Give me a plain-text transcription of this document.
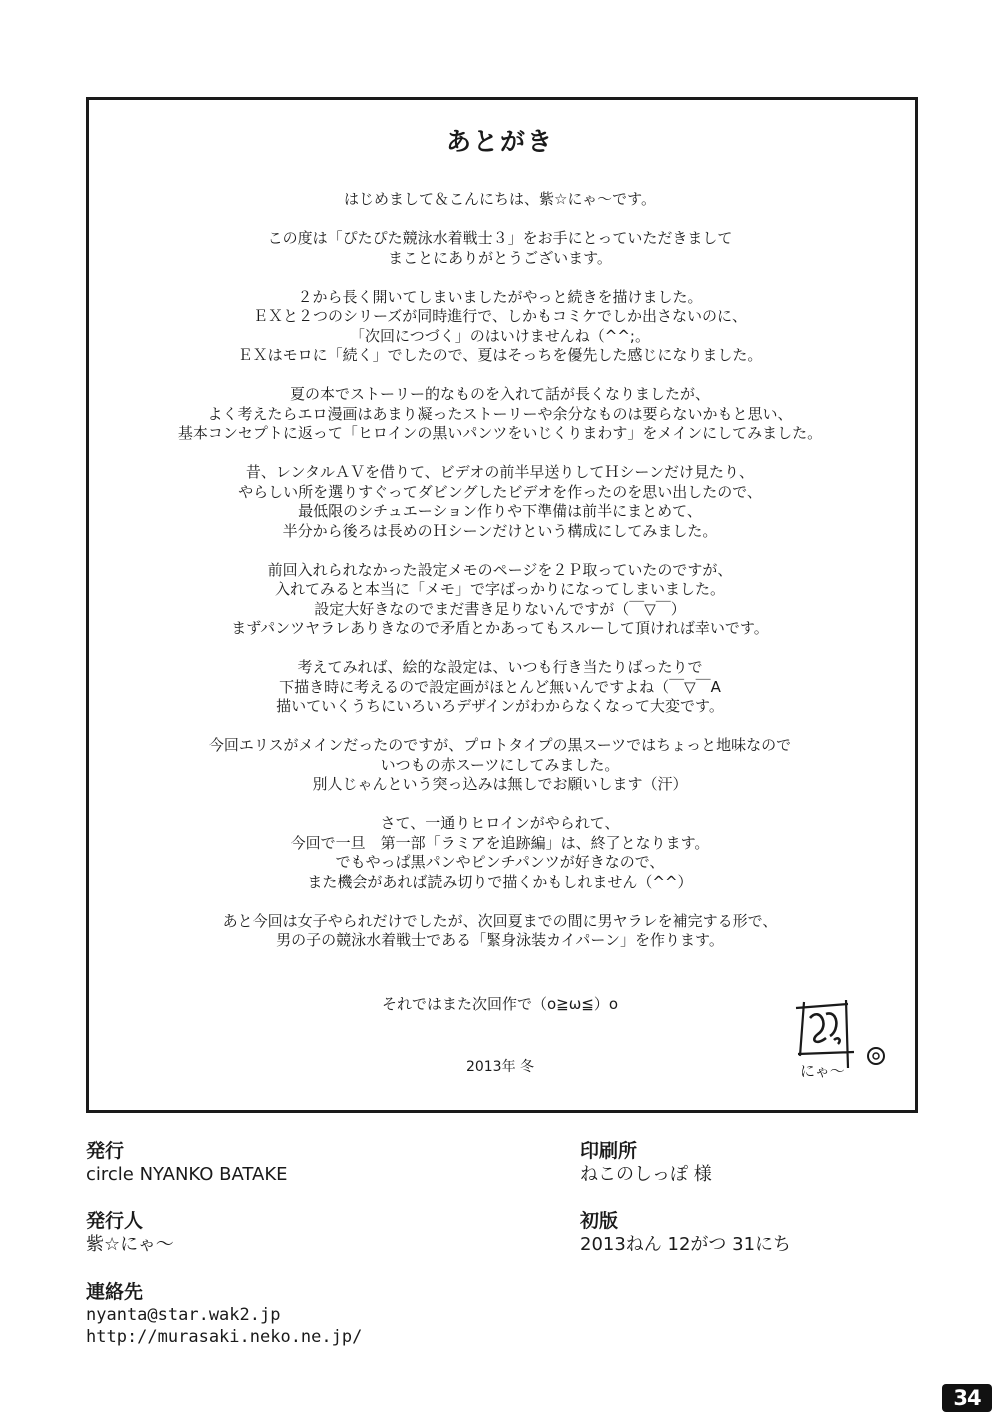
あとがき
はじめまして＆こんにちは、紫☆にゃ〜です。
この度は「ぴたぴた競泳水着戦士３」をお手にとっていただきまして
まことにありがとうございます。
２から長く開いてしまいましたがやっと続きを描けました。
ＥＸと２つのシリーズが同時進行で、しかもコミケでしか出さないのに、
「次回につづく」のはいけませんね（^^;。
ＥＸはモロに「続く」でしたので、夏はそっちを優先した感じになりました。
夏の本でストーリー的なものを入れて話が長くなりましたが、
よく考えたらエロ漫画はあまり凝ったストーリーや余分なものは要らないかもと思い、
基本コンセプトに返って「ヒロインの黒いパンツをいじくりまわす」をメインにしてみました。
昔、レンタルＡＶを借りて、ビデオの前半早送りしてＨシーンだけ見たり、
やらしい所を選りすぐってダビングしたビデオを作ったのを思い出したので、
最低限のシチュエーション作りや下準備は前半にまとめて、
半分から後ろは長めのＨシーンだけという構成にしてみました。
前回入れられなかった設定メモのページを２Ｐ取っていたのですが、
入れてみると本当に「メモ」で字ばっかりになってしまいました。
設定大好きなのでまだ書き足りないんですが（￣▽￣）
まずパンツヤラレありきなので矛盾とかあってもスルーして頂ければ幸いです。
考えてみれば、絵的な設定は、いつも行き当たりばったりで
下描き時に考えるので設定画がほとんど無いんですよね（￣▽￣A
描いていくうちにいろいろデザインがわからなくなって大変です。
今回エリスがメインだったのですが、プロトタイプの黒スーツではちょっと地味なので
いつもの赤スーツにしてみました。
別人じゃんという突っ込みは無しでお願いします（汗）
さて、一通りヒロインがやられて、
今回で一旦　第一部「ラミアを追跡編」は、終了となります。
でもやっぱ黒パンやピンチパンツが好きなので、
また機会があれば読み切りで描くかもしれません（^^）
あと今回は女子やられだけでしたが、次回夏までの間に男ヤラレを補完する形で、
男の子の競泳水着戦士である「緊身泳装カイパーン」を作ります。
それではまた次回作で（o≧ω≦）o
2013年 冬	にゃ〜
発行
circle NYANKO BATAKE
発行人
紫☆にゃ〜
連絡先
nyanta@star.wak2.jp
http://murasaki.neko.ne.jp/
印刷所
ねこのしっぽ 様
初版
2013ねん 12がつ 31にち
34
